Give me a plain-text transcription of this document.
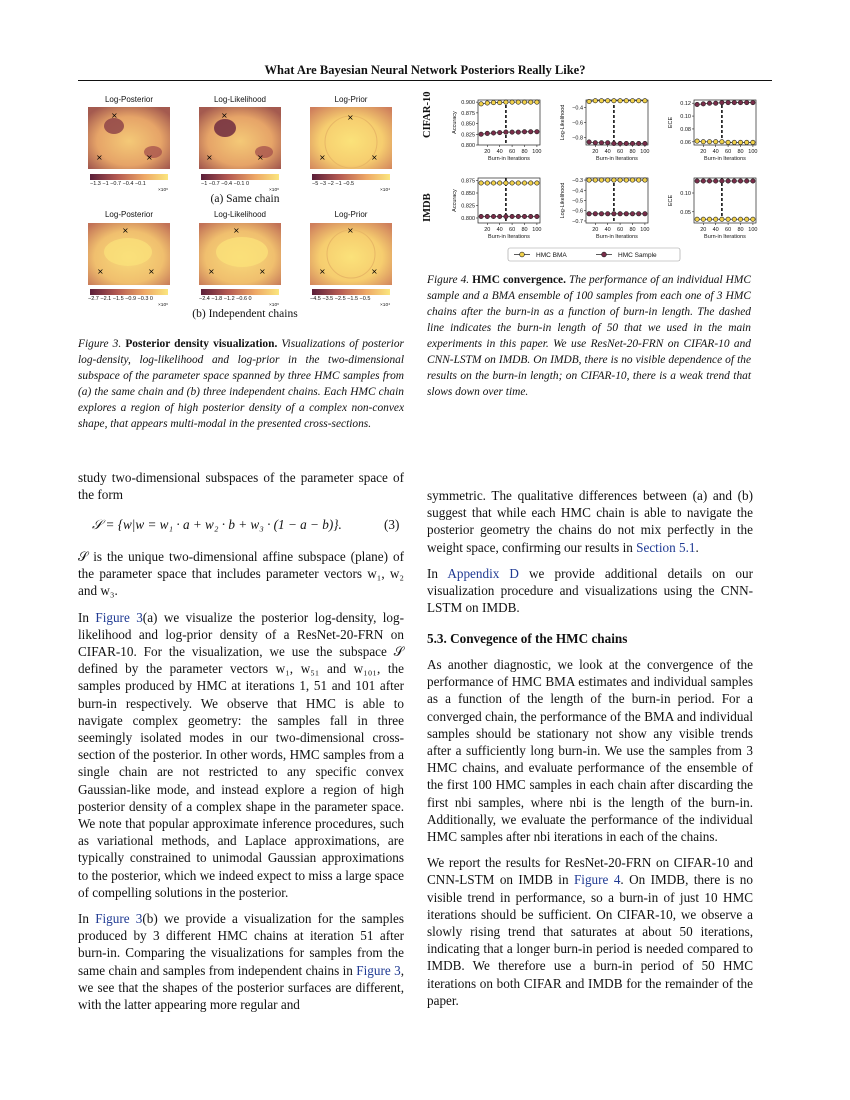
What Are Bayesian Neural Network Posteriors Really Like?
×
×	×
×
×	×
×
×	×
×
×	×
×
×	×
×
×	×
Log-Posterior	Log-Likelihood	Log-Prior
−1.3 −1 −0.7 −0.4 −0.1	−1 −0.7 −0.4 −0.1 0	−5 −3 −2 −1 −0.5
×10⁶	×10⁶	×10⁴
(a) Same chain
Log-Posterior	Log-Likelihood	Log-Prior
−2.7 −2.1 −1.5 −0.9 −0.3 0	−2.4 −1.8 −1.2 −0.6 0	−4.5 −3.5 −2.5 −1.5 −0.5
×10⁶	×10⁶	×10⁴
(b) Independent chains
Figure 3. Posterior density visualization. Visualizations of posterior log-density, log-likelihood and log-prior in the two-dimensional subspace of the parameter space spanned by three HMC samples from (a) the same chain and (b) three independent chains. Each HMC chain explores a region of high posterior density of a complex non-convex shape, that appears multi-modal in the presented cross-sections.
CIFAR-10
IMDB
0.900
0.875
0.850
0.825
0.800
Accuracy
20 40 60 80 100
Burn-in Iterations
−0.4
−0.6
−0.8
Log-Likelihood
20 40 60 80 100
Burn-in Iterations
0.12
0.10
0.08
0.06
ECE
20 40 60 80 100
Burn-in Iterations
0.875
0.850
0.825
0.800
Accuracy
20 40 60 80 100
Burn-in Iterations
−0.3
−0.4
−0.5
−0.6
−0.7
Log-Likelihood
20 40 60 80 100
Burn-in Iterations
0.10
0.05
ECE
20 40 60 80 100
Burn-in Iterations
HMC BMA	HMC Sample
Figure 4. HMC convergence. The performance of an individual HMC sample and a BMA ensemble of 100 samples from each one of 3 HMC chains after the burn-in as a function of burn-in length. The dashed line indicates the burn-in length of 50 that we used in the main experiments in this paper. We use ResNet-20-FRN on CIFAR-10 and CNN-LSTM on IMDB. On IMDB, there is no visible dependence of the results on the burn-in length; on CIFAR-10, there is a weak trend that slows down over time.
study two-dimensional subspaces of the parameter space of the form
𝒮 = {w|w = w₁ · a + w₂ · b + w₃ · (1 − a − b)}.	(3)

𝒮 is the unique two-dimensional affine subspace (plane) of the parameter space that includes parameter vectors w₁, w₂ and w₃.

In Figure 3(a) we visualize the posterior log-density, log-likelihood and log-prior density of a ResNet-20-FRN on CIFAR-10. For the visualization, we use the subspace 𝒮 defined by the parameter vectors w₁, w₅₁ and w₁₀₁, the samples produced by HMC at iterations 1, 51 and 101 after burn-in respectively. We observe that HMC is able to navigate complex geometry: the samples fall in three seemingly isolated modes in our two-dimensional cross-section of the posterior. In other words, HMC samples from a single chain are not restricted to any specific convex Gaussian-like mode, and instead explore a region of high posterior density of a complex shape in the parameter space. We note that popular approximate inference procedures, such as variational methods, and Laplace approximations, are typically constrained to unimodal Gaussian approximations to the posterior, which we indeed expect to miss a large space of compelling solutions in the posterior.

In Figure 3(b) we provide a visualization for the samples produced by 3 different HMC chains at iteration 51 after burn-in. Comparing the visualizations for samples from the same chain and samples from independent chains in Figure 3, we see that the shapes of the posterior surfaces are different, with the latter appearing more regular and

symmetric. The qualitative differences between (a) and (b) suggest that while each HMC chain is able to navigate the posterior geometry the chains do not mix perfectly in the weight space, confirming our results in Section 5.1.

In Appendix D we provide additional details on our visualization procedure and visualizations using the CNN-LSTM on IMDB.

5.3. Convegence of the HMC chains

As another diagnostic, we look at the convergence of the performance of HMC BMA estimates and individual samples as a function of the length of the burn-in period. For a converged chain, the performance of the BMA and individual samples should be stationary not show any visible trends after a sufficiently long burn-in. We use the samples from 3 HMC chains, and evaluate performance of the ensemble of the first 100 HMC samples in each chain after discarding the first nbi samples, where nbi is the length of the burn-in. Additionally, we evaluate the performance of the individual HMC samples after nbi iterations in each of the chains.

We report the results for ResNet-20-FRN on CIFAR-10 and CNN-LSTM on IMDB in Figure 4. On IMDB, there is no visible trend in performance, so a burn-in of just 10 HMC iterations should be sufficient. On CIFAR-10, we observe a slowly rising trend that saturates at about 50 iterations, indicating that a longer burn-in period is needed compared to IMDB. We therefore use a burn-in period of 50 HMC iterations on both CIFAR and IMDB for the remainder of the paper.
